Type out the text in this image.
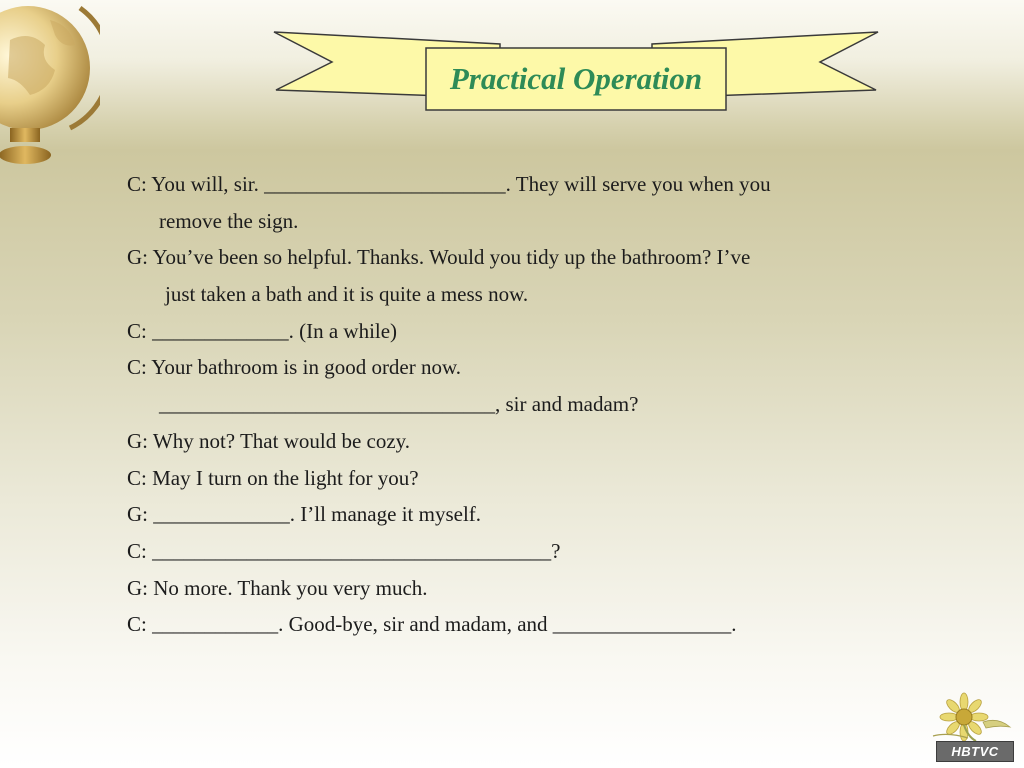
Practical Operation
C: You will, sir. _______________________. They will serve you when you
remove the sign.
G: You’ve been so helpful. Thanks. Would you tidy up the bathroom? I’ve
just taken a bath and it is quite a mess now.
C: _____________. (In a while)
C: Your bathroom is in good order now.
________________________________, sir and madam?
G: Why not? That would be cozy.
C: May I turn on the light for you?
G: _____________. I’ll manage it myself.
C: ______________________________________?
G: No more. Thank you very much.
C: ____________. Good-bye, sir and madam, and _________________.
HBTVC
